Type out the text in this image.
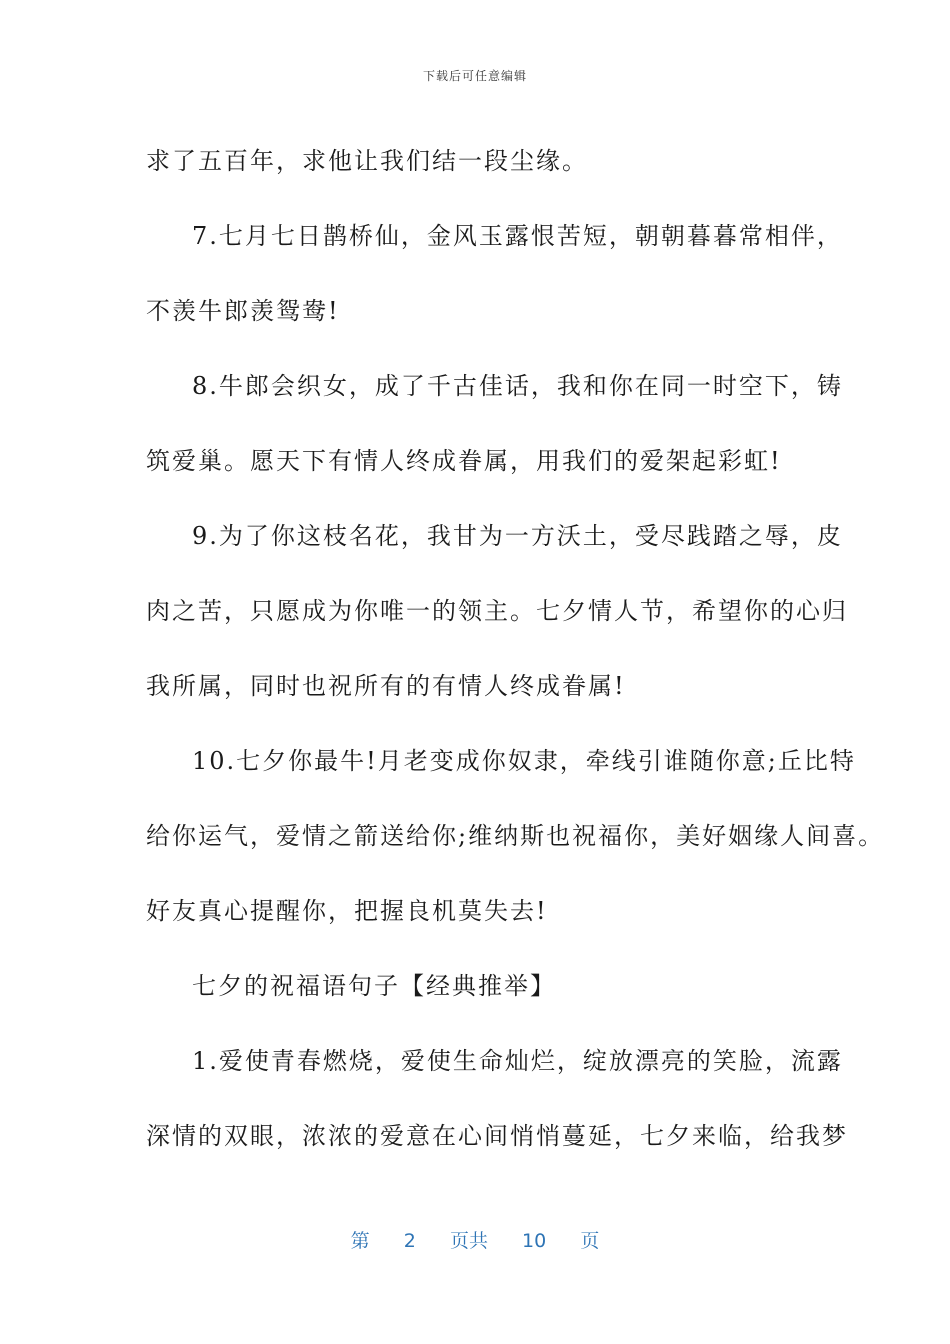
下载后可任意编辑
求了五百年，求他让我们结一段尘缘。
7.七月七日鹊桥仙，金风玉露恨苦短，朝朝暮暮常相伴，
不羡牛郎羡鸳鸯!
8.牛郎会织女，成了千古佳话，我和你在同一时空下，铸
筑爱巢。愿天下有情人终成眷属，用我们的爱架起彩虹!
9.为了你这枝名花，我甘为一方沃土，受尽践踏之辱，皮
肉之苦，只愿成为你唯一的领主。七夕情人节，希望你的心归
我所属，同时也祝所有的有情人终成眷属!
10.七夕你最牛!月老变成你奴隶，牵线引谁随你意;丘比特
给你运气，爱情之箭送给你;维纳斯也祝福你，美好姻缘人间喜。
好友真心提醒你，把握良机莫失去!
七夕的祝福语句子【经典推举】
1.爱使青春燃烧，爱使生命灿烂，绽放漂亮的笑脸，流露
深情的双眼，浓浓的爱意在心间悄悄蔓延，七夕来临，给我梦
第 2 页共 10 页
